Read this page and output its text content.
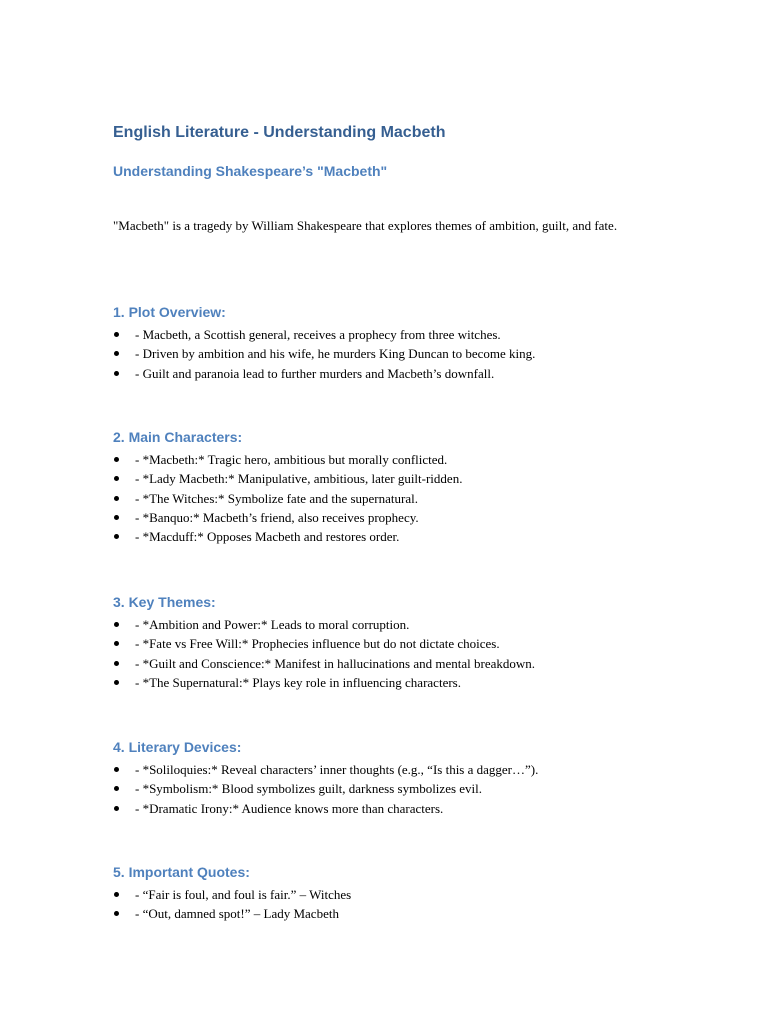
English Literature - Understanding Macbeth
Understanding Shakespeare’s "Macbeth"

"Macbeth" is a tragedy by William Shakespeare that explores themes of ambition, guilt, and fate.

1. Plot Overview:
- Macbeth, a Scottish general, receives a prophecy from three witches.
- Driven by ambition and his wife, he murders King Duncan to become king.
- Guilt and paranoia lead to further murders and Macbeth’s downfall.
2. Main Characters:
- *Macbeth:* Tragic hero, ambitious but morally conflicted.
- *Lady Macbeth:* Manipulative, ambitious, later guilt-ridden.
- *The Witches:* Symbolize fate and the supernatural.
- *Banquo:* Macbeth’s friend, also receives prophecy.
- *Macduff:* Opposes Macbeth and restores order.
3. Key Themes:
- *Ambition and Power:* Leads to moral corruption.
- *Fate vs Free Will:* Prophecies influence but do not dictate choices.
- *Guilt and Conscience:* Manifest in hallucinations and mental breakdown.
- *The Supernatural:* Plays key role in influencing characters.
4. Literary Devices:
- *Soliloquies:* Reveal characters’ inner thoughts (e.g., “Is this a dagger…”).
- *Symbolism:* Blood symbolizes guilt, darkness symbolizes evil.
- *Dramatic Irony:* Audience knows more than characters.
5. Important Quotes:
- “Fair is foul, and foul is fair.” – Witches
- “Out, damned spot!” – Lady Macbeth
